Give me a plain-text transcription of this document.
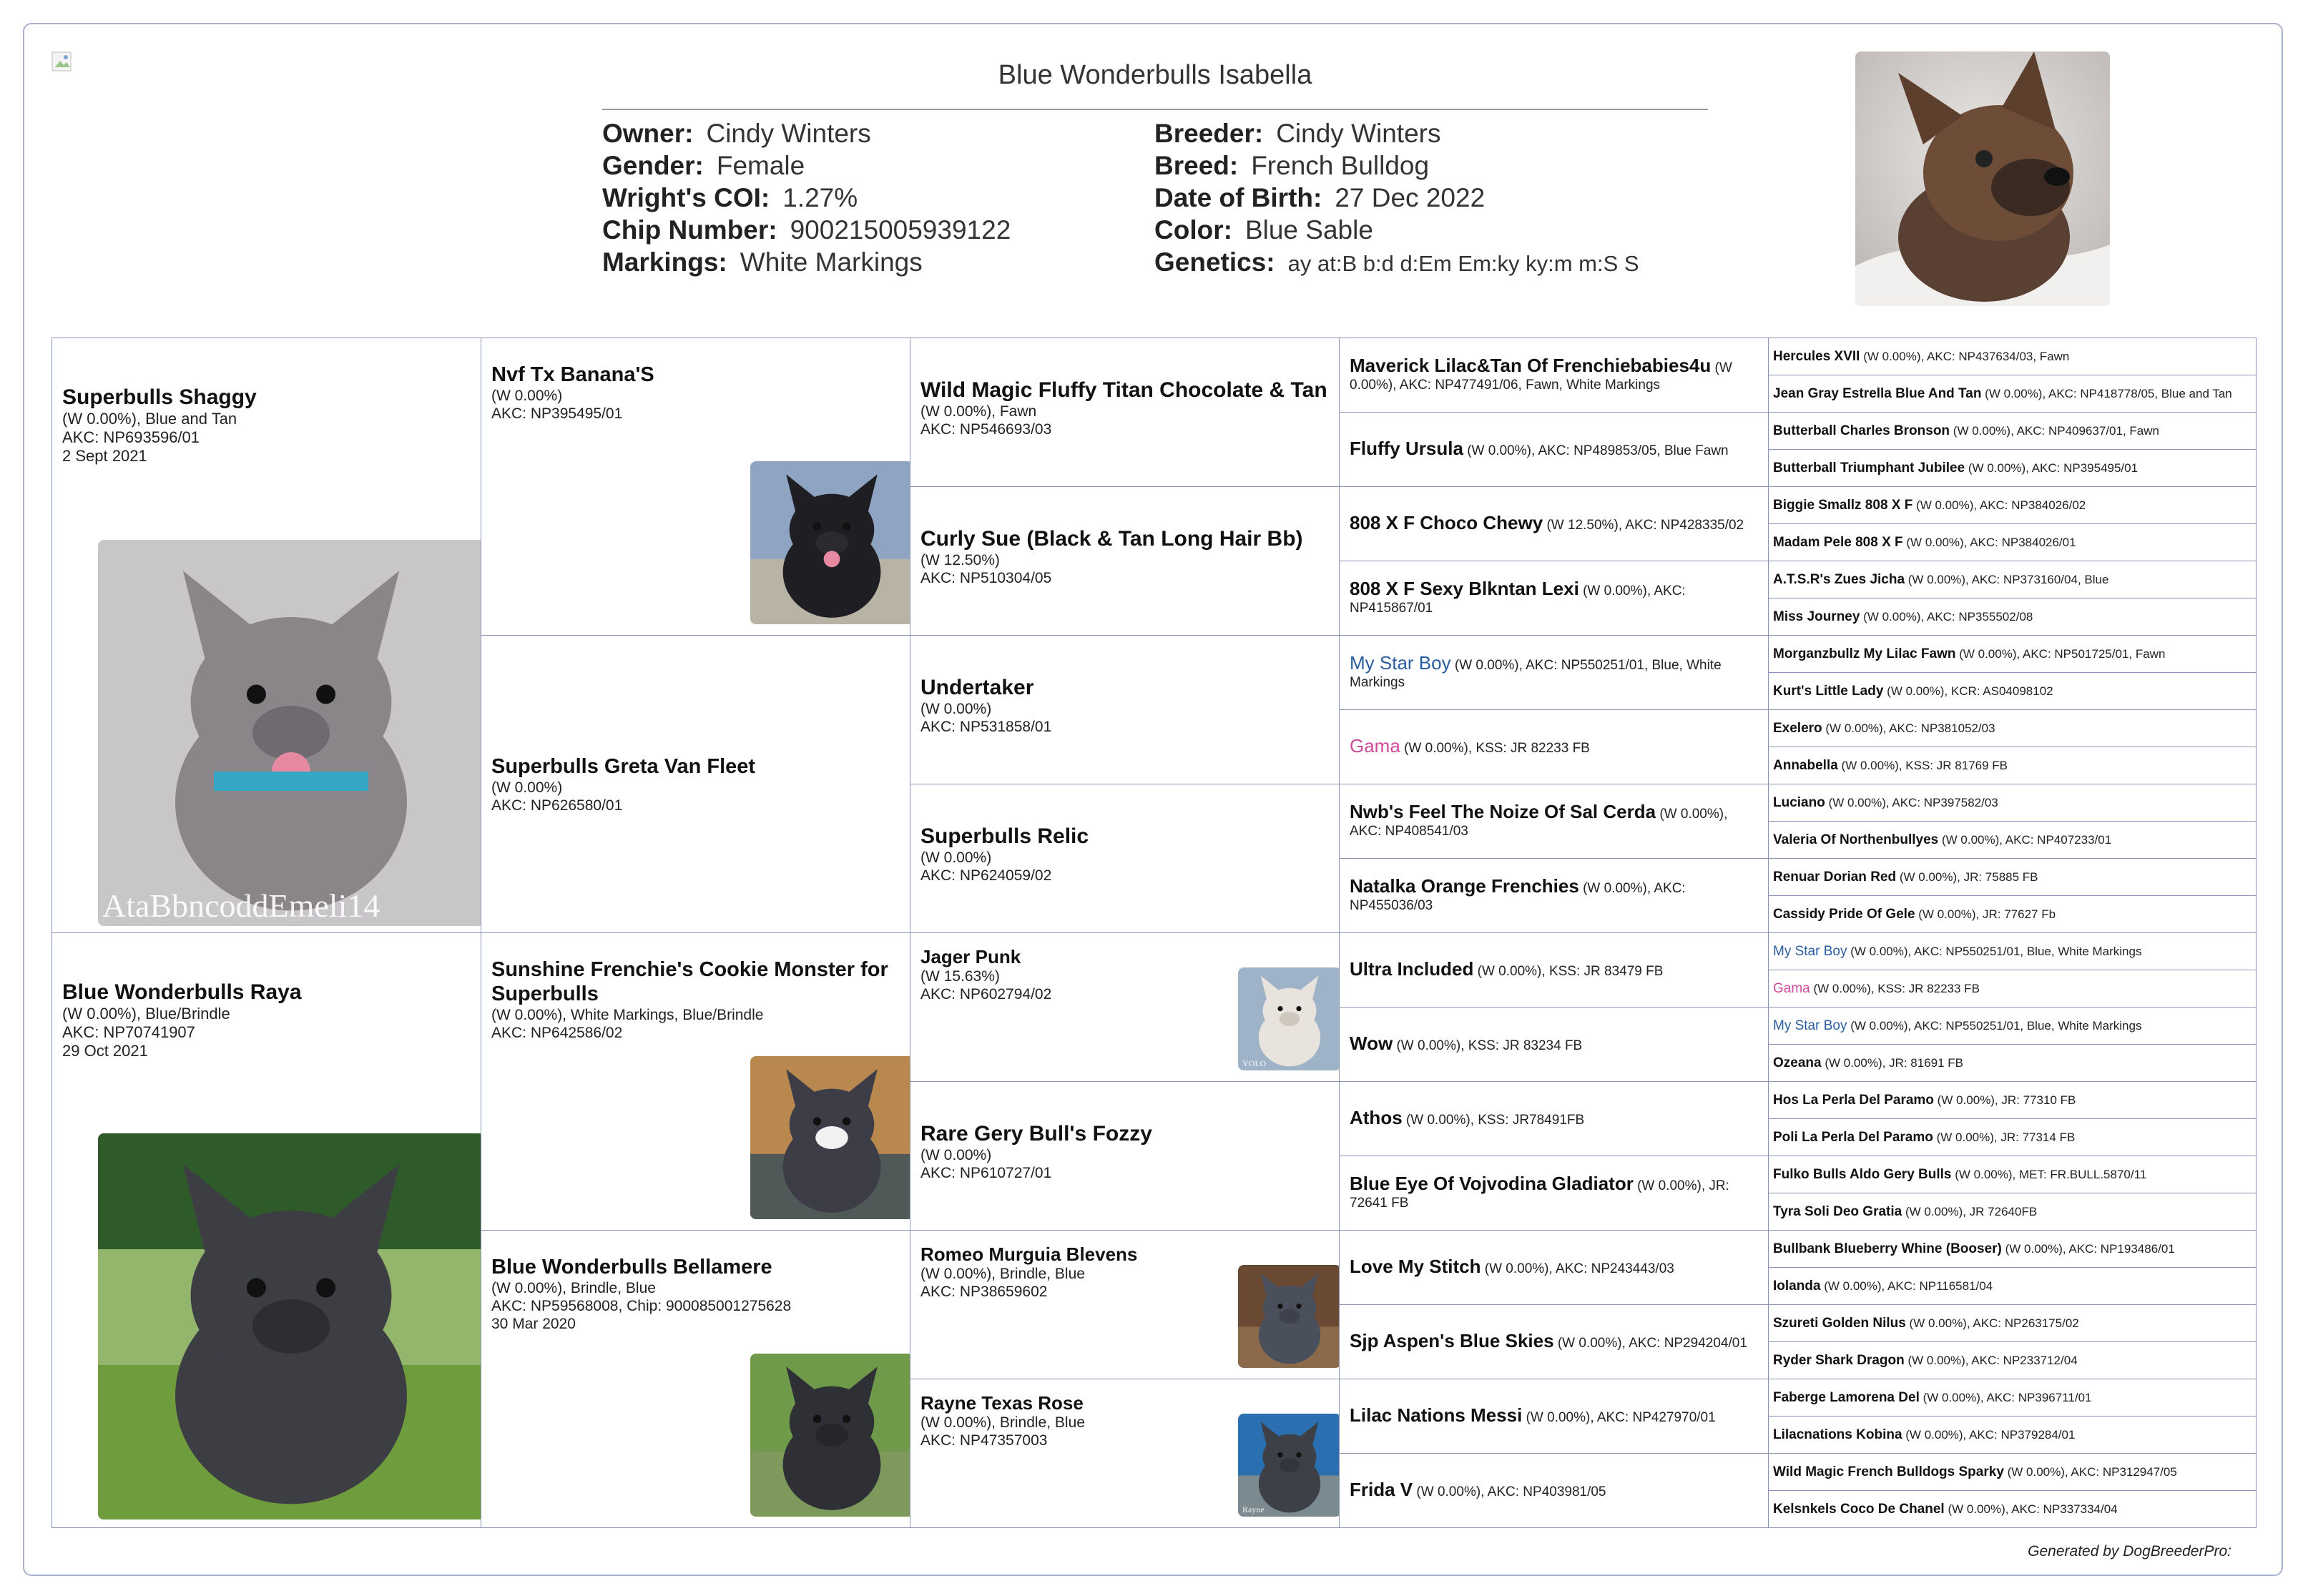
Blue Wonderbulls Isabella
Owner: Cindy Winters
Gender: Female
Wright's COI: 1.27%
Chip Number: 900215005939122
Markings: White Markings
Breeder: Cindy Winters
Breed: French Bulldog
Date of Birth: 27 Dec 2022
Color: Blue Sable
Genetics: ay at:B b:d d:Em Em:ky ky:m m:S S
Superbulls Shaggy
(W 0.00%), Blue and Tan
AKC: NP693596/01
2 Sept 2021
AtaBbncoddEmeli14
Blue Wonderbulls Raya
(W 0.00%), Blue/Brindle
AKC: NP70741907
29 Oct 2021
Nvf Tx Banana'S
(W 0.00%)
AKC: NP395495/01
Superbulls Greta Van Fleet
(W 0.00%)
AKC: NP626580/01
Sunshine Frenchie's Cookie Monster for Superbulls
(W 0.00%), White Markings, Blue/Brindle
AKC: NP642586/02
Blue Wonderbulls Bellamere
(W 0.00%), Brindle, Blue
AKC: NP59568008, Chip: 900085001275628
30 Mar 2020
Wild Magic Fluffy Titan Chocolate & Tan
(W 0.00%), Fawn
AKC: NP546693/03
Curly Sue (Black & Tan Long Hair Bb)
(W 12.50%)
AKC: NP510304/05
Undertaker
(W 0.00%)
AKC: NP531858/01
Superbulls Relic
(W 0.00%)
AKC: NP624059/02
Jager Punk
(W 15.63%)
AKC: NP602794/02
YOLO
Rare Gery Bull's Fozzy
(W 0.00%)
AKC: NP610727/01
Romeo Murguia Blevens
(W 0.00%), Brindle, Blue
AKC: NP38659602
Rayne Texas Rose
(W 0.00%), Brindle, Blue
AKC: NP47357003
Rayne
Maverick Lilac&Tan Of Frenchiebabies4u (W 0.00%), AKC: NP477491/06, Fawn, White Markings
Fluffy Ursula (W 0.00%), AKC: NP489853/05, Blue Fawn
808 X F Choco Chewy (W 12.50%), AKC: NP428335/02
808 X F Sexy Blkntan Lexi (W 0.00%), AKC: NP415867/01
My Star Boy (W 0.00%), AKC: NP550251/01, Blue, White Markings
Gama (W 0.00%), KSS: JR 82233 FB
Nwb's Feel The Noize Of Sal Cerda (W 0.00%), AKC: NP408541/03
Natalka Orange Frenchies (W 0.00%), AKC: NP455036/03
Ultra Included (W 0.00%), KSS: JR 83479 FB
Wow (W 0.00%), KSS: JR 83234 FB
Athos (W 0.00%), KSS: JR78491FB
Blue Eye Of Vojvodina Gladiator (W 0.00%), JR: 72641 FB
Love My Stitch (W 0.00%), AKC: NP243443/03
Sjp Aspen's Blue Skies (W 0.00%), AKC: NP294204/01
Lilac Nations Messi (W 0.00%), AKC: NP427970/01
Frida V (W 0.00%), AKC: NP403981/05
Hercules XVII (W 0.00%), AKC: NP437634/03, Fawn
Jean Gray Estrella Blue And Tan (W 0.00%), AKC: NP418778/05, Blue and Tan
Butterball Charles Bronson (W 0.00%), AKC: NP409637/01, Fawn
Butterball Triumphant Jubilee (W 0.00%), AKC: NP395495/01
Biggie Smallz 808 X F (W 0.00%), AKC: NP384026/02
Madam Pele 808 X F (W 0.00%), AKC: NP384026/01
A.T.S.R's Zues Jicha (W 0.00%), AKC: NP373160/04, Blue
Miss Journey (W 0.00%), AKC: NP355502/08
Morganzbullz My Lilac Fawn (W 0.00%), AKC: NP501725/01, Fawn
Kurt's Little Lady (W 0.00%), KCR: AS04098102
Exelero (W 0.00%), AKC: NP381052/03
Annabella (W 0.00%), KSS: JR 81769 FB
Luciano (W 0.00%), AKC: NP397582/03
Valeria Of Northenbullyes (W 0.00%), AKC: NP407233/01
Renuar Dorian Red (W 0.00%), JR: 75885 FB
Cassidy Pride Of Gele (W 0.00%), JR: 77627 Fb
My Star Boy (W 0.00%), AKC: NP550251/01, Blue, White Markings
Gama (W 0.00%), KSS: JR 82233 FB
My Star Boy (W 0.00%), AKC: NP550251/01, Blue, White Markings
Ozeana (W 0.00%), JR: 81691 FB
Hos La Perla Del Paramo (W 0.00%), JR: 77310 FB
Poli La Perla Del Paramo (W 0.00%), JR: 77314 FB
Fulko Bulls Aldo Gery Bulls (W 0.00%), MET: FR.BULL.5870/11
Tyra Soli Deo Gratia (W 0.00%), JR 72640FB
Bullbank Blueberry Whine (Booser) (W 0.00%), AKC: NP193486/01
Iolanda (W 0.00%), AKC: NP116581/04
Szureti Golden Nilus (W 0.00%), AKC: NP263175/02
Ryder Shark Dragon (W 0.00%), AKC: NP233712/04
Faberge Lamorena Del (W 0.00%), AKC: NP396711/01
Lilacnations Kobina (W 0.00%), AKC: NP379284/01
Wild Magic French Bulldogs Sparky (W 0.00%), AKC: NP312947/05
Kelsnkels Coco De Chanel (W 0.00%), AKC: NP337334/04
Generated by DogBreederPro:
